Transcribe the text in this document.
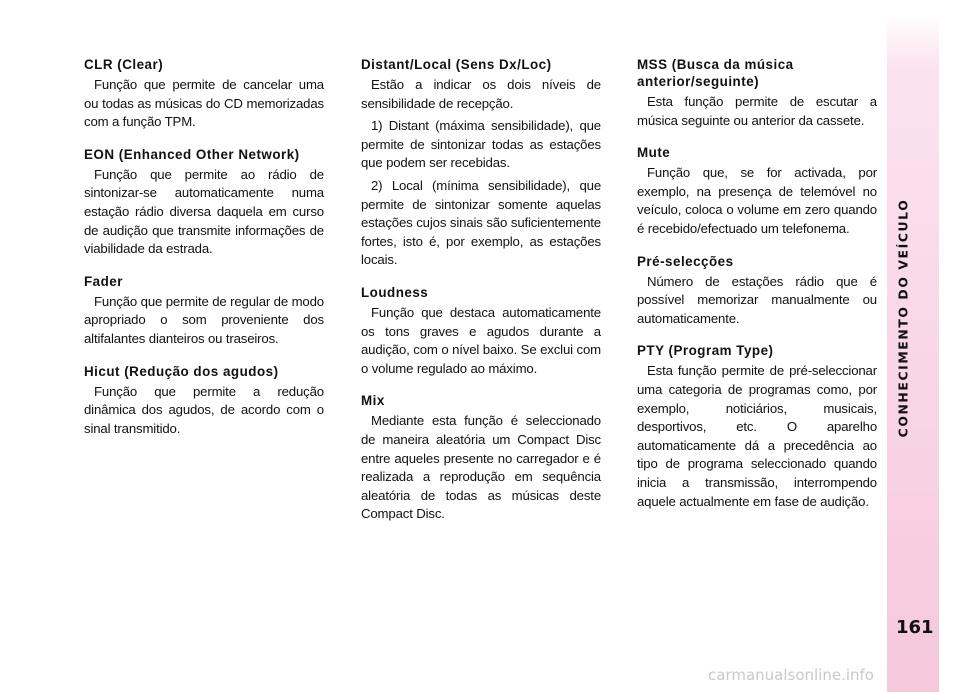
CLR (Clear)

Função que permite de cancelar uma ou todas as músicas do CD memorizadas com a função TPM.

EON (Enhanced Other Network)

Função que permite ao rádio de sintonizar-se automaticamente numa estação rádio diversa daquela em curso de audição que transmite informações de viabilidade da estrada.

Fader

Função que permite de regular de modo apropriado o som proveniente dos altifalantes dianteiros ou traseiros.

Hicut (Redução dos agudos)

Função que permite a redução dinâmica dos agudos, de acordo com o sinal transmitido.

Distant/Local (Sens Dx/Loc)

Estão a indicar os dois níveis de sensibilidade de recepção.

1) Distant (máxima sensibilidade), que permite de sintonizar todas as estações que podem ser recebidas.

2) Local (mínima sensibilidade), que permite de sintonizar somente aquelas estações cujos sinais são suficientemente fortes, isto é, por exemplo, as estações locais.

Loudness

Função que destaca automaticamente os tons graves e agudos durante a audição, com o nível baixo. Se exclui com o volume regulado ao máximo.

Mix

Mediante esta função é seleccionado de maneira aleatória um Compact Disc entre aqueles presente no carregador e é realizada a reprodução em sequência aleatória de todas as músicas deste Compact Disc.

MSS (Busca da música anterior/seguinte)

Esta função permite de escutar a música seguinte ou anterior da cassete.

Mute

Função que, se for activada, por exemplo, na presença de telemóvel no veículo, coloca o volume em zero quando é recebido/efectuado um telefonema.

Pré-selecções

Número de estações rádio que é possível memorizar manualmente ou automaticamente.

PTY (Program Type)

Esta função permite de pré-seleccionar uma categoria de programas como, por exemplo, noticiários, musicais, desportivos, etc. O aparelho automaticamente dá a precedência ao tipo de programa seleccionado quando inicia a transmissão, interrompendo aquele actualmente em fase de audição.

CONHECIMENTO DO VEÍCULO
161
carmanualsonline.info
